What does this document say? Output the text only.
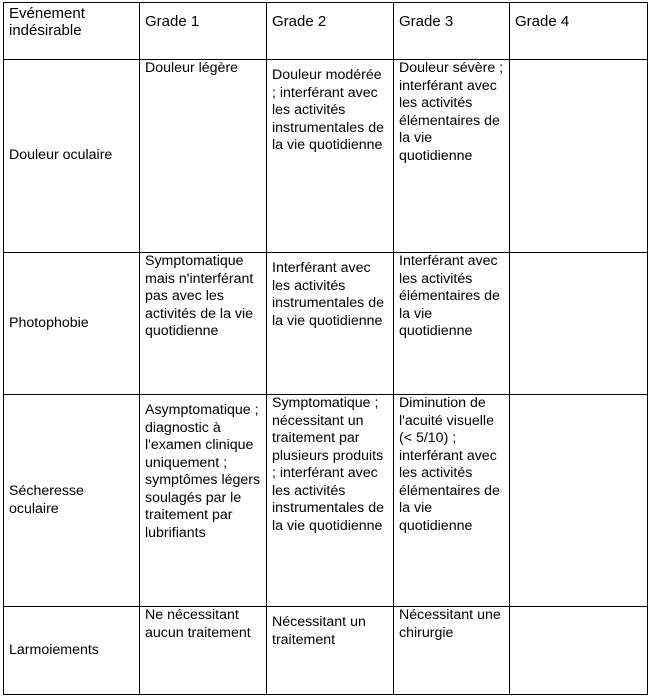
Evénement indésirable	Grade 1	Grade 2	Grade 3	Grade 4

Douleur oculaire	Douleur légère	Douleur modérée ; interférant avec les activités instrumentales de la vie quotidienne	Douleur sévère ; interférant avec les activités élémentaires de la vie quotidienne	

Photophobie	Symptomatique mais n'interférant pas avec les activités de la vie quotidienne	Interférant avec les activités instrumentales de la vie quotidienne	Interférant avec les activités élémentaires de la vie quotidienne	

Sécheresse oculaire	Asymptomatique ; diagnostic à l'examen clinique uniquement ; symptômes légers soulagés par le traitement par lubrifiants	Symptomatique ; nécessitant un traitement par plusieurs produits ; interférant avec les activités instrumentales de la vie quotidienne	Diminution de l'acuité visuelle (< 5/10) ; interférant avec les activités élémentaires de la vie quotidienne	

Larmoiements	Ne nécessitant aucun traitement	Nécessitant un traitement	Nécessitant une chirurgie	
